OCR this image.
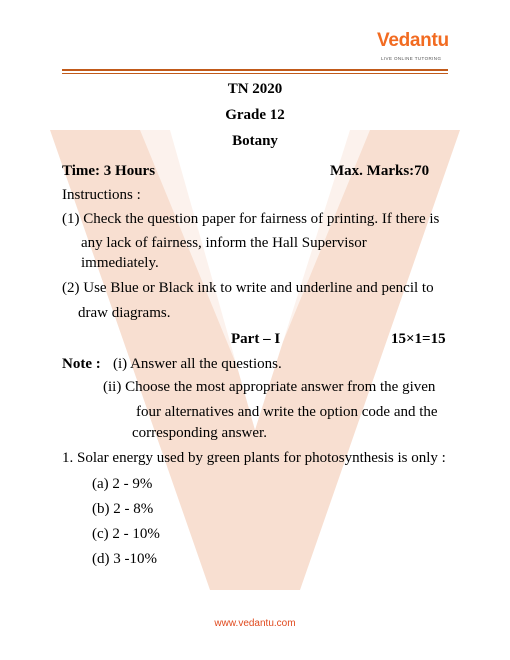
Vedantu
LIVE ONLINE TUTORING
TN 2020
Grade 12
Botany
Time: 3 Hours	Max. Marks:70
Instructions :
(1) Check the question paper for fairness of printing. If there is
any lack of fairness, inform the Hall Supervisor
immediately.
(2) Use Blue or Black ink to write and underline and pencil to
draw diagrams.
Part – I	15×1=15
Note : (i) Answer all the questions.
(ii) Choose the most appropriate answer from the given
four alternatives and write the option code and the
corresponding answer.
1. Solar energy used by green plants for photosynthesis is only :
(a) 2 - 9%
(b) 2 - 8%
(c) 2 - 10%
(d) 3 -10%
www.vedantu.com
